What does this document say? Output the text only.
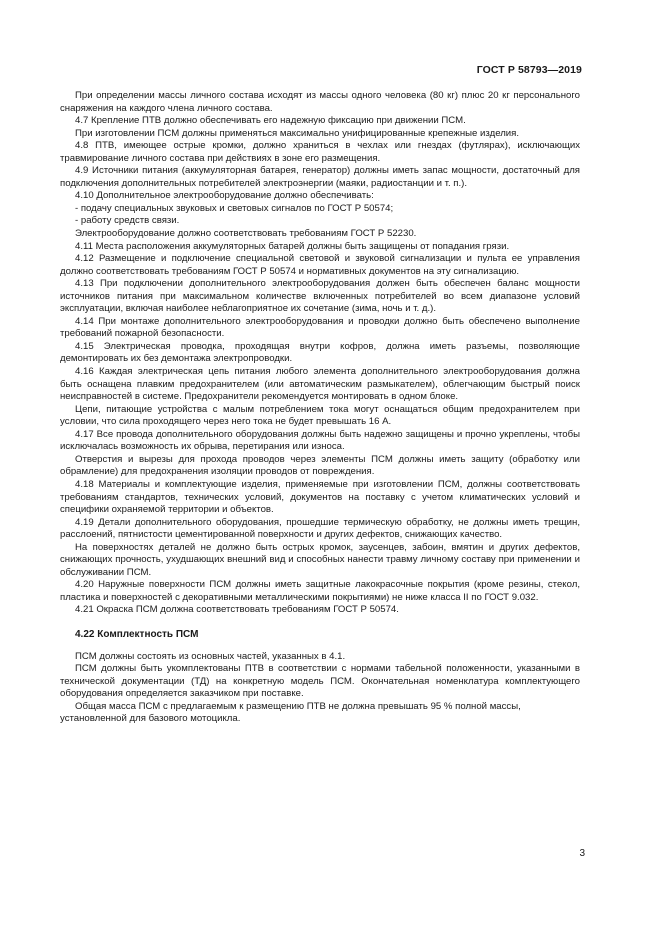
ГОСТ Р 58793—2019

При определении массы личного состава исходят из массы одного человека (80 кг) плюс 20 кг персонального снаряжения на каждого члена личного состава.

4.7 Крепление ПТВ должно обеспечивать его надежную фиксацию при движении ПСМ.

При изготовлении ПСМ должны применяться максимально унифицированные крепежные изделия.

4.8 ПТВ, имеющее острые кромки, должно храниться в чехлах или гнездах (футлярах), исключающих травмирование личного состава при действиях в зоне его размещения.

4.9 Источники питания (аккумуляторная батарея, генератор) должны иметь запас мощности, достаточный для подключения дополнительных потребителей электроэнергии (маяки, радиостанции и т. п.).

4.10 Дополнительное электрооборудование должно обеспечивать:

- подачу специальных звуковых и световых сигналов по ГОСТ Р 50574;

- работу средств связи.

Электрооборудование должно соответствовать требованиям ГОСТ Р 52230.

4.11 Места расположения аккумуляторных батарей должны быть защищены от попадания грязи.

4.12 Размещение и подключение специальной световой и звуковой сигнализации и пульта ее управления должно соответствовать требованиям ГОСТ Р 50574 и нормативных документов на эту сигнализацию.

4.13 При подключении дополнительного электрооборудования должен быть обеспечен баланс мощности источников питания при максимальном количестве включенных потребителей во всем диапазоне условий эксплуатации, включая наиболее неблагоприятное их сочетание (зима, ночь и т. д.).

4.14 При монтаже дополнительного электрооборудования и проводки должно быть обеспечено выполнение требований пожарной безопасности.

4.15 Электрическая проводка, проходящая внутри кофров, должна иметь разъемы, позволяющие демонтировать их без демонтажа электропроводки.

4.16 Каждая электрическая цепь питания любого элемента дополнительного электрооборудования должна быть оснащена плавким предохранителем (или автоматическим размыкателем), облегчающим быстрый поиск неисправностей в системе. Предохранители рекомендуется монтировать в одном блоке.

Цепи, питающие устройства с малым потреблением тока могут оснащаться общим предохранителем при условии, что сила проходящего через него тока не будет превышать 16 А.

4.17 Все провода дополнительного оборудования должны быть надежно защищены и прочно укреплены, чтобы исключалась возможность их обрыва, перетирания или износа.

Отверстия и вырезы для прохода проводов через элементы ПСМ должны иметь защиту (обработку или обрамление) для предохранения изоляции проводов от повреждения.

4.18 Материалы и комплектующие изделия, применяемые при изготовлении ПСМ, должны соответствовать требованиям стандартов, технических условий, документов на поставку с учетом климатических условий и специфики охраняемой территории и объектов.

4.19 Детали дополнительного оборудования, прошедшие термическую обработку, не должны иметь трещин, расслоений, пятнистости цементированной поверхности и других дефектов, снижающих качество.

На поверхностях деталей не должно быть острых кромок, заусенцев, забоин, вмятин и других дефектов, снижающих прочность, ухудшающих внешний вид и способных нанести травму личному составу при применении и обслуживании ПСМ.

4.20 Наружные поверхности ПСМ должны иметь защитные лакокрасочные покрытия (кроме резины, стекол, пластика и поверхностей с декоративными металлическими покрытиями) не ниже класса II по ГОСТ 9.032.

4.21 Окраска ПСМ должна соответствовать требованиям ГОСТ Р 50574.

4.22 Комплектность ПСМ

ПСМ должны состоять из основных частей, указанных в 4.1.

ПСМ должны быть укомплектованы ПТВ в соответствии с нормами табельной положенности, указанными в технической документации (ТД) на конкретную модель ПСМ. Окончательная номенклатура комплектующего оборудования определяется заказчиком при поставке.

Общая масса ПСМ с предлагаемым к размещению ПТВ не должна превышать 95 % полной массы, установленной для базового мотоцикла.

3
